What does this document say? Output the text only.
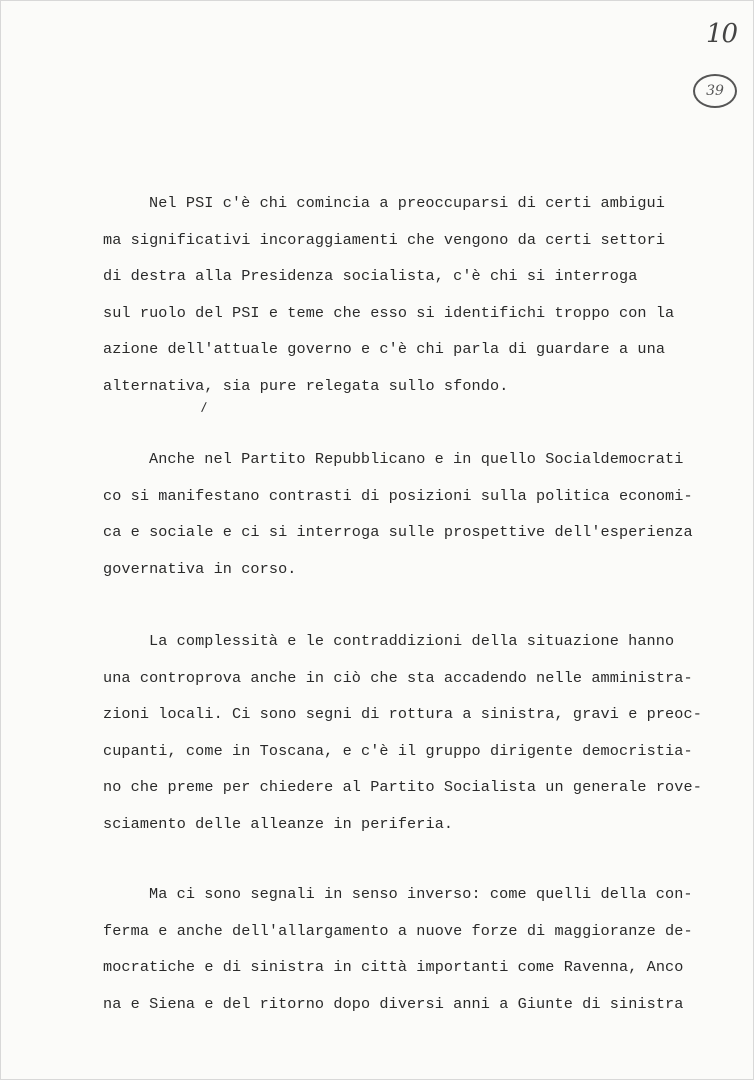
10
39
Nel PSI c'è chi comincia a preoccuparsi di certi ambigui
ma significativi incoraggiamenti che vengono da certi settori
di destra alla Presidenza socialista, c'è chi si interroga
sul ruolo del PSI e teme che esso si identifichi troppo con la
azione dell'attuale governo e c'è chi parla di guardare a una
alternativa, sia pure relegata sullo sfondo.
/
Anche nel Partito Repubblicano e in quello Socialdemocrati
co si manifestano contrasti di posizioni sulla politica economi-
ca e sociale e ci si interroga sulle prospettive dell'esperienza
governativa in corso.
La complessità e le contraddizioni della situazione hanno
una controprova anche in ciò che sta accadendo nelle amministra-
zioni locali. Ci sono segni di rottura a sinistra, gravi e preoc-
cupanti, come in Toscana, e c'è il gruppo dirigente democristia-
no che preme per chiedere al Partito Socialista un generale rove-
sciamento delle alleanze in periferia.
Ma ci sono segnali in senso inverso: come quelli della con-
ferma e anche dell'allargamento a nuove forze di maggioranze de-
mocratiche e di sinistra in città importanti come Ravenna, Anco
na e Siena e del ritorno dopo diversi anni a Giunte di sinistra
